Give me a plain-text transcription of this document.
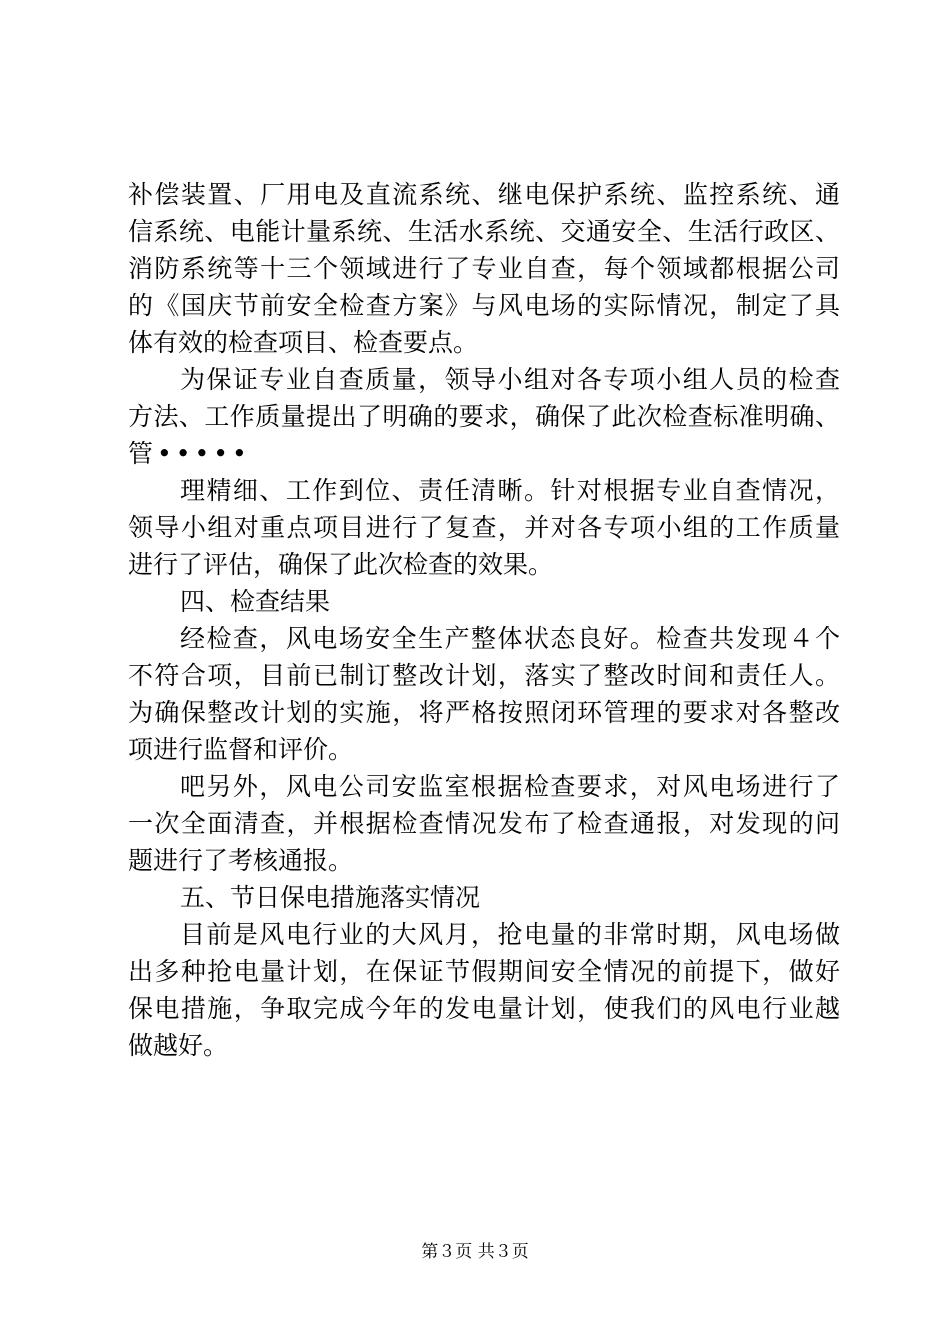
补偿装置、厂用电及直流系统、继电保护系统、监控系统、通
信系统、电能计量系统、生活水系统、交通安全、生活行政区、
消防系统等十三个领域进行了专业自查，每个领域都根据公司
的《国庆节前安全检查方案》与风电场的实际情况，制定了具
体有效的检查项目、检查要点。
为保证专业自查质量，领导小组对各专项小组人员的检查
方法、工作质量提出了明确的要求，确保了此次检查标准明确、
管•••••
理精细、工作到位、责任清晰。针对根据专业自查情况，
领导小组对重点项目进行了复查，并对各专项小组的工作质量
进行了评估，确保了此次检查的效果。
四、检查结果
经检查，风电场安全生产整体状态良好。检查共发现４个
不符合项，目前已制订整改计划，落实了整改时间和责任人。
为确保整改计划的实施，将严格按照闭环管理的要求对各整改
项进行监督和评价。
吧另外，风电公司安监室根据检查要求，对风电场进行了
一次全面清查，并根据检查情况发布了检查通报，对发现的问
题进行了考核通报。
五、节日保电措施落实情况
目前是风电行业的大风月，抢电量的非常时期，风电场做
出多种抢电量计划，在保证节假期间安全情况的前提下，做好
保电措施，争取完成今年的发电量计划，使我们的风电行业越
做越好。
第３页 共３页
